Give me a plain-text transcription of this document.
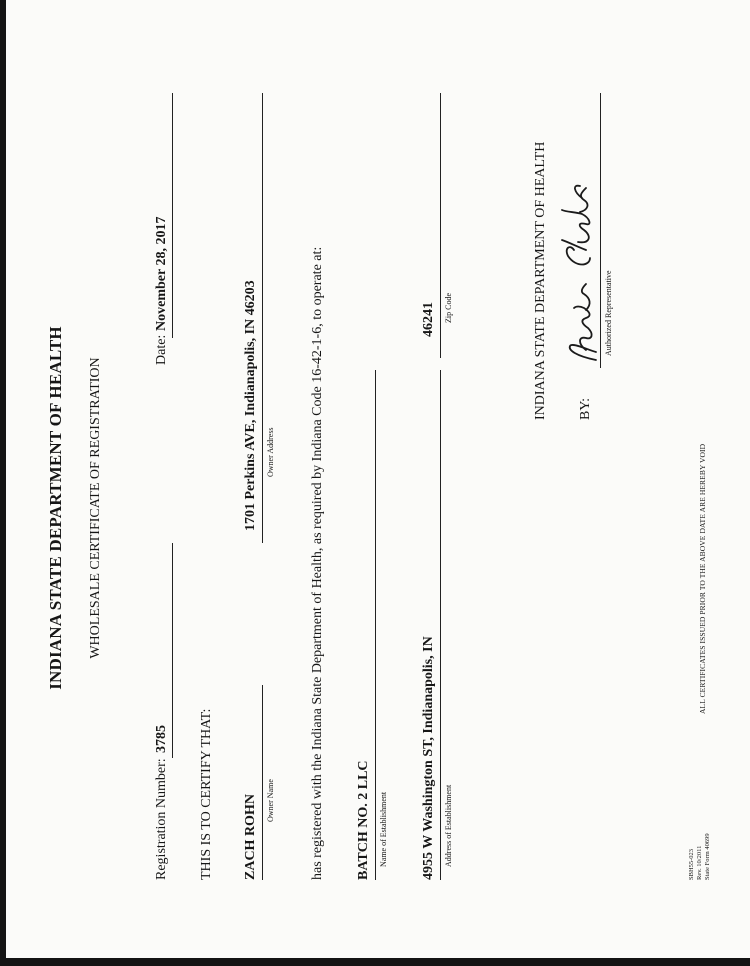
INDIANA STATE DEPARTMENT OF HEALTH WHOLESALE CERTIFICATE OF REGISTRATION
Registration Number:
3785
Date:
November 28, 2017
THIS IS TO CERTIFY THAT: ZACH ROHN Owner Name
1701 Perkins AVE, Indianapolis, IN 46203 Owner Address	has registered with the Indiana State Department of Health, as required by Indiana Code 16-42-1-6, to operate at: BATCH NO. 2 LLC Name of Establishment 4955 W Washington ST, Indianapolis, IN Address of Establishment
46241 Zip Code	INDIANA STATE DEPARTMENT OF HEALTH BY:
Authorized Representative
SBH55-023 Rev. 10/2011 State Form 40699
ALL CERTIFICATES ISSUED PRIOR TO THE ABOVE DATE ARE HEREBY VOID
